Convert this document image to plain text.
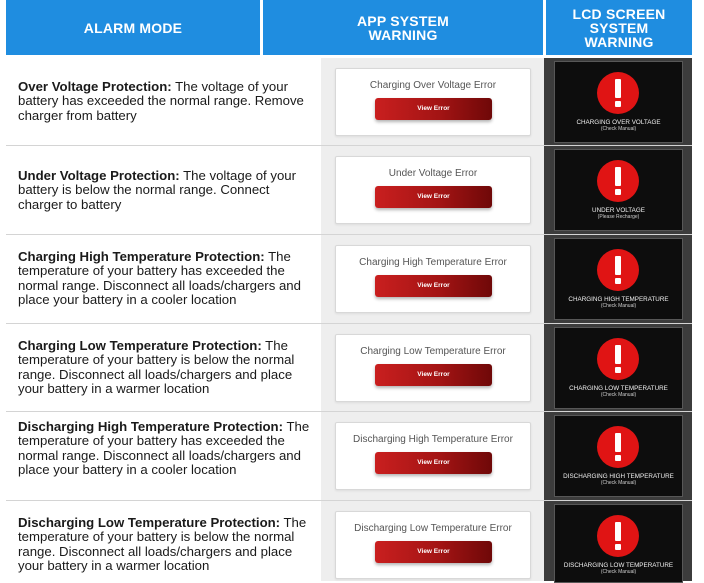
ALARM MODE	APP SYSTEM
WARNING
LCD SCREEN
SYSTEM
WARNING
Over Voltage Protection: The voltage of your battery has exceeded the normal range. Remove charger from battery
Charging Over Voltage Error
View Error
CHARGING OVER VOLTAGE
(Check Manual)
Under Voltage Protection: The voltage of your battery is below the normal range. Connect charger to battery
Under Voltage Error
View Error
UNDER VOLTAGE
(Please Recharge)
Charging High Temperature Protection: The temperature of your battery has exceeded the normal range. Disconnect all loads/chargers and place your battery in a cooler location
Charging High Temperature Error
View Error
CHARGING HIGH TEMPERATURE
(Check Manual)
Charging Low Temperature Protection: The temperature of your battery is below the normal range. Disconnect all loads/chargers and place your battery in a warmer location
Charging Low Temperature Error
View Error
CHARGING LOW TEMPERATURE
(Check Manual)
Discharging High Temperature Protection: The temperature of your battery has exceeded the normal range. Disconnect all loads/chargers and place your battery in a cooler location
Discharging High Temperature Error
View Error
DISCHARGING HIGH TEMPERATURE
(Check Manual)
Discharging Low Temperature Protection: The temperature of your battery is below the normal range. Disconnect all loads/chargers and place your battery in a warmer location
Discharging Low Temperature Error
View Error
DISCHARGING LOW TEMPERATURE
(Check Manual)
